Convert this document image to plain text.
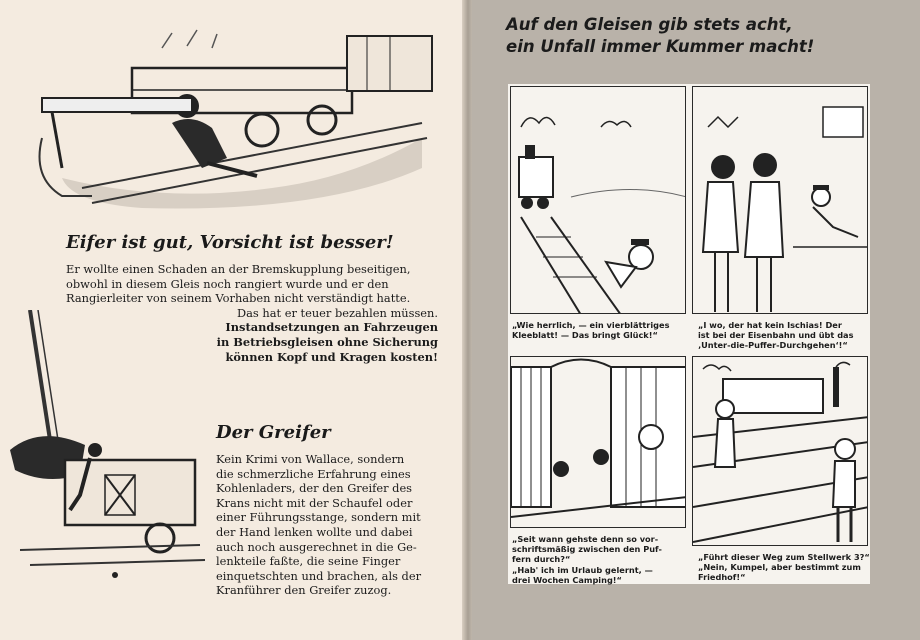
Eifer ist gut, Vorsicht ist besser!

Er wollte einen Schaden an der Bremskupplung beseitigen,

obwohl in diesem Gleis noch rangiert wurde und er den

Rangierleiter von seinem Vorhaben nicht verständigt hatte.

Das hat er teuer bezahlen müssen.

Instandsetzungen an Fahrzeugen

in Betriebsgleisen ohne Sicherung

können Kopf und Kragen kosten!

Der Greifer

Kein Krimi von Wallace, sondern

die schmerzliche Erfahrung eines

Kohlenladers, der den Greifer des

Krans nicht mit der Schaufel oder

einer Führungsstange, sondern mit

der Hand lenken wollte und dabei

auch noch ausgerechnet in die Ge-

lenkteile faßte, die seine Finger

einquetschten und brachen, als der

Kranführer den Greifer zuzog.

Auf den Gleisen gib stets acht,
ein Unfall immer Kummer macht!
„Wie herrlich, — ein vierblättriges
Kleeblatt! — Das bringt Glück!“
„I wo, der hat kein Ischias! Der
ist bei der Eisenbahn und übt das
‚Unter-die-Puffer-Durchgehen‘!“
„Seit wann gehste denn so vor-
schriftsmäßig zwischen den Puf-
fern durch?“
„Hab' ich im Urlaub gelernt, —
drei Wochen Camping!“
„Führt dieser Weg zum Stellwerk 3?“
„Nein, Kumpel, aber bestimmt zum
Friedhof!“
